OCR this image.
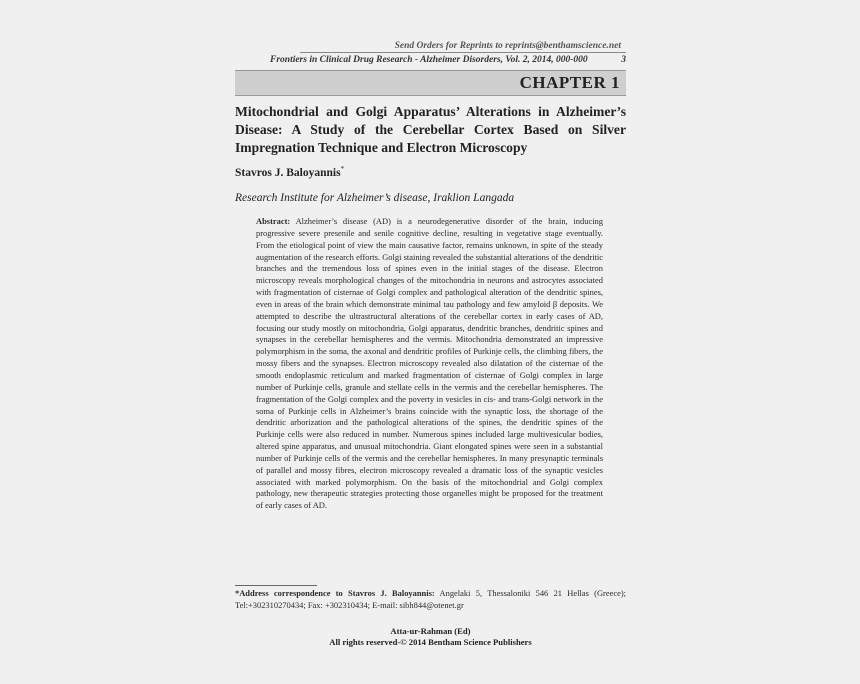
Send Orders for Reprints to reprints@benthamscience.net
Frontiers in Clinical Drug Research - Alzheimer Disorders, Vol. 2, 2014, 000-000	3
CHAPTER 1
Mitochondrial and Golgi Apparatus’ Alterations in Alzheimer’s Disease: A Study of the Cerebellar Cortex Based on Silver Impregnation Technique and Electron Microscopy
Stavros J. Baloyannis*
Research Institute for Alzheimer’s disease, Iraklion Langada
Abstract: Alzheimer’s disease (AD) is a neurodegenerative disorder of the brain, inducing progressive severe presenile and senile cognitive decline, resulting in vegetative stage eventually. From the etiological point of view the main causative factor, remains unknown, in spite of the steady augmentation of the research efforts. Golgi staining revealed the substantial alterations of the dendritic branches and the tremendous loss of spines even in the initial stages of the disease. Electron microscopy reveals morphological changes of the mitochondria in neurons and astrocytes associated with fragmentation of cisternae of Golgi complex and pathological alteration of the dendritic spines, even in areas of the brain which demonstrate minimal tau pathology and few amyloid β deposits. We attempted to describe the ultrastructural alterations of the cerebellar cortex in early cases of AD, focusing our study mostly on mitochondria, Golgi apparatus, dendritic branches, dendritic spines and synapses in the cerebellar hemispheres and the vermis. Mitochondria demonstrated an impressive polymorphism in the soma, the axonal and dendritic profiles of Purkinje cells, the climbing fibers, the mossy fibers and the synapses. Electron microscopy revealed also dilatation of the cisternae of the smooth endoplasmic reticulum and marked fragmentation of cisternae of Golgi complex in large number of Purkinje cells, granule and stellate cells in the vermis and the cerebellar hemispheres. The fragmentation of the Golgi complex and the poverty in vesicles in cis- and trans-Golgi network in the soma of Purkinje cells in Alzheimer’s brains coincide with the synaptic loss, the shortage of the dendritic arborization and the pathological alterations of the spines, the dendritic spines of the Purkinje cells were also reduced in number. Numerous spines included large multivesicular bodies, altered spine apparatus, and unusual mitochondria. Giant elongated spines were seen in a substantial number of Purkinje cells of the vermis and the cerebellar hemispheres. In many presynaptic terminals of parallel and mossy fibres, electron microscopy revealed a dramatic loss of the synaptic vesicles associated with marked polymorphism. On the basis of the mitochondrial and Golgi complex pathology, new therapeutic strategies protecting those organelles might be proposed for the treatment of early cases of AD.
*Address correspondence to Stavros J. Baloyannis: Angelaki 5, Thessaloniki 546 21 Hellas (Greece); Tel:+302310270434; Fax: +302310434; E-mail: sibh844@otenet.gr
Atta-ur-Rahman (Ed)
All rights reserved-© 2014 Bentham Science Publishers
